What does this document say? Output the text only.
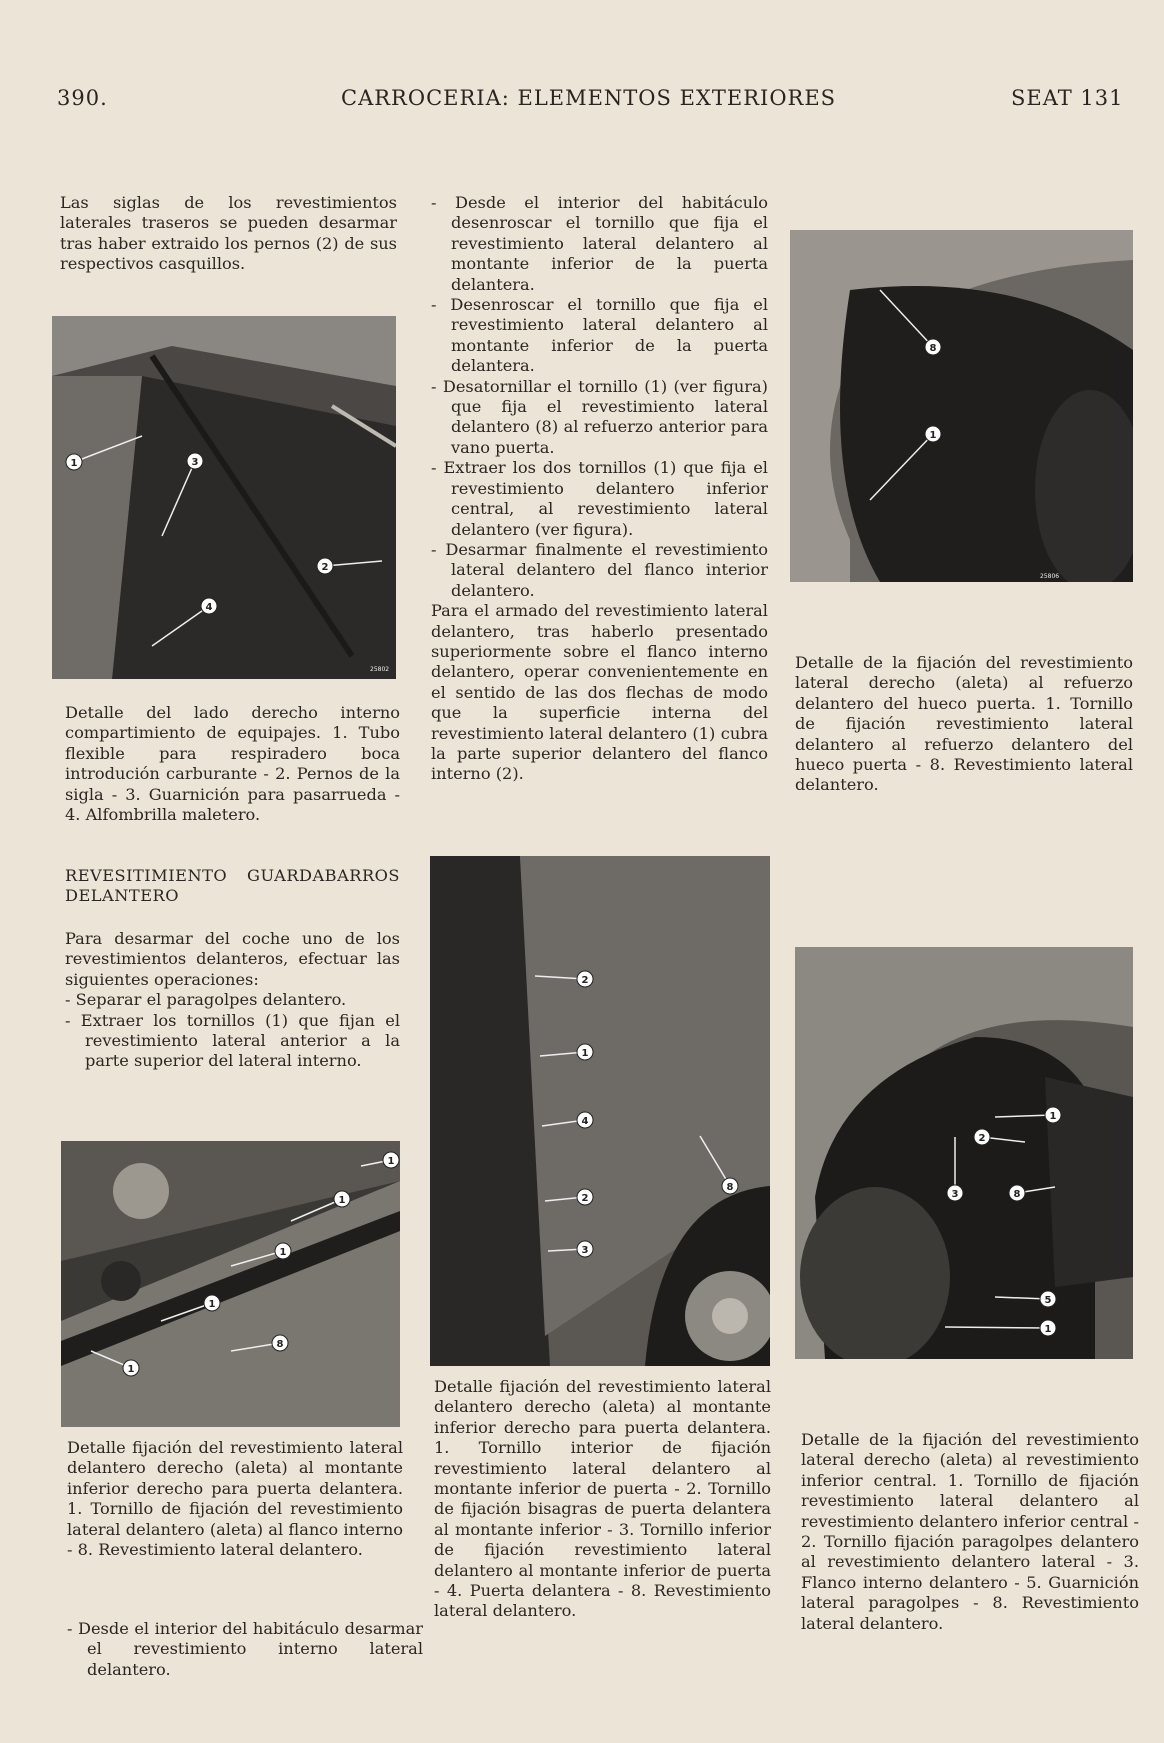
390.	CARROCERIA: ELEMENTOS EXTERIORES	SEAT 131
Las siglas de los revestimientos laterales traseros se pueden desarmar tras haber extraido los pernos (2) de sus respectivos casquillos.
1	3
2
4
25802
Detalle del lado derecho interno compartimiento de equipajes. 1. Tubo flexible para respiradero boca introdución carburante - 2. Pernos de la sigla - 3. Guarnición para pasarrueda - 4. Alfombrilla maletero.
REVESITIMIENTO GUARDABARROS DELANTERO

Para desarmar del coche uno de los revestimientos delanteros, efectuar las siguientes operaciones:

- Separar el paragolpes delantero.

- Extraer los tornillos (1) que fijan el revestimiento lateral anterior a la parte superior del lateral interno.

1
1
1
1
1
8
Detalle fijación del revestimiento lateral delantero derecho (aleta) al montante inferior derecho para puerta delantera. 1. Tornillo de fijación del revestimiento lateral delantero (aleta) al flanco interno - 8. Revestimiento lateral delantero.
- Desde el interior del habitáculo desarmar el revestimiento interno lateral delantero.

- Desde el interior del habitáculo desenroscar el tornillo que fija el revestimiento lateral delantero al montante inferior de la puerta delantera.

- Desenroscar el tornillo que fija el revestimiento lateral delantero al montante inferior de la puerta delantera.

- Desatornillar el tornillo (1) (ver figura) que fija el revestimiento lateral delantero (8) al refuerzo anterior para vano puerta.

- Extraer los dos tornillos (1) que fija el revestimiento delantero inferior central, al revestimiento lateral delantero (ver figura).

- Desarmar finalmente el revestimiento lateral delantero del flanco interior delantero.

Para el armado del revestimiento lateral delantero, tras haberlo presentado superiormente sobre el flanco interno delantero, operar convenientemente en el sentido de las dos flechas de modo que la superficie interna del revestimiento lateral delantero (1) cubra la parte superior delantero del flanco interno (2).

2
1
4
2
3
8
Detalle fijación del revestimiento lateral delantero derecho (aleta) al montante inferior derecho para puerta delantera. 1. Tornillo interior de fijación revestimiento lateral delantero al montante inferior de puerta - 2. Tornillo de fijación bisagras de puerta delantera al montante inferior - 3. Tornillo inferior de fijación revestimiento lateral delantero al montante inferior de puerta - 4. Puerta delantera - 8. Revestimiento lateral delantero.
8
1
25806
Detalle de la fijación del revestimiento lateral derecho (aleta) al refuerzo delantero del hueco puerta. 1. Tornillo de fijación revestimiento lateral delantero al refuerzo delantero del hueco puerta - 8. Revestimiento lateral delantero.
1
2
3	8
5
1
Detalle de la fijación del revestimiento lateral derecho (aleta) al revestimiento inferior central. 1. Tornillo de fijación revestimiento lateral delantero al revestimiento delantero inferior central - 2. Tornillo fijación paragolpes delantero al revestimiento delantero lateral - 3. Flanco interno delantero - 5. Guarnición lateral paragolpes - 8. Revestimiento lateral delantero.
